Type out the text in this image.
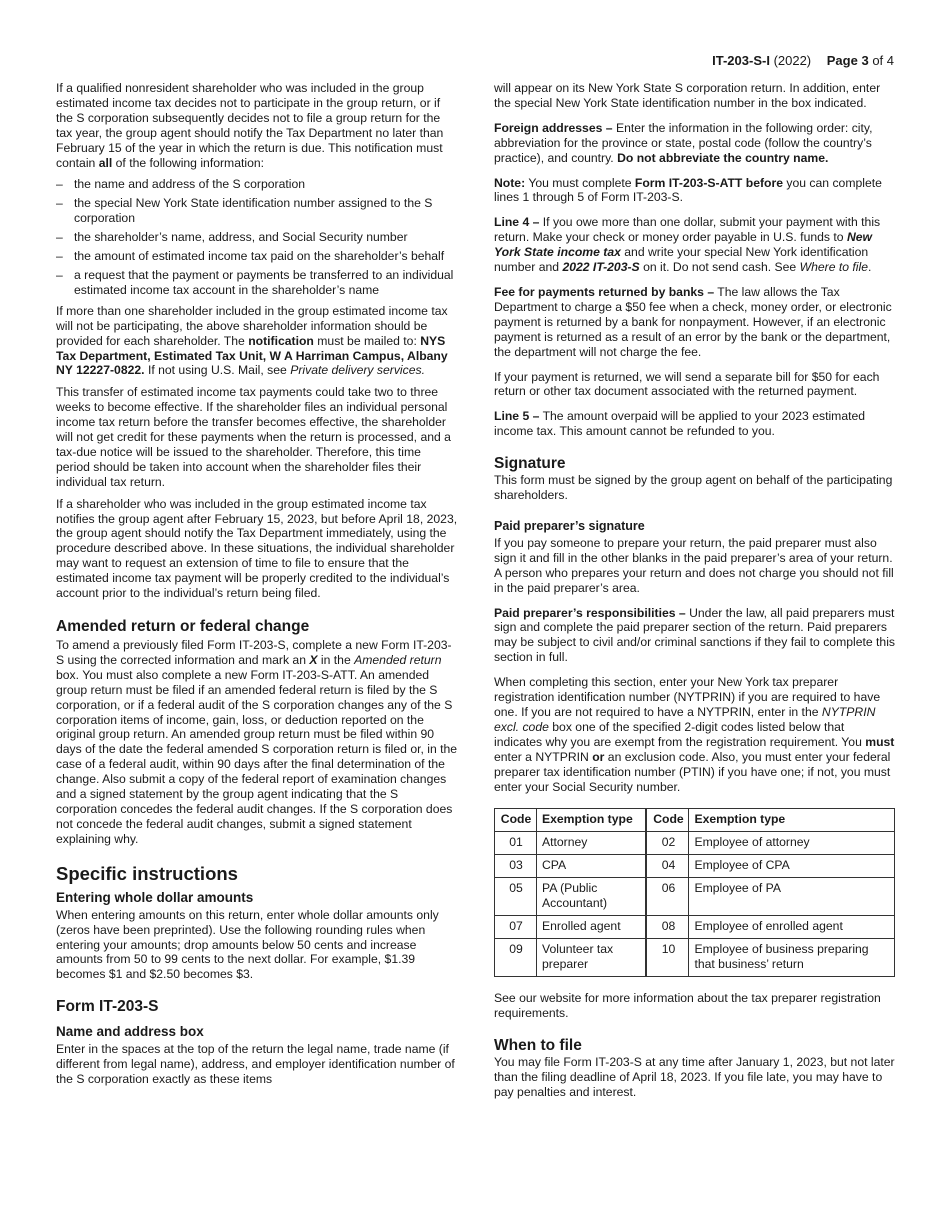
IT-203-S-I (2022) Page 3 of 4

If a qualified nonresident shareholder who was included in the group estimated income tax decides not to participate in the group return, or if the S corporation subsequently decides not to file a group return for the tax year, the group agent should notify the Tax Department no later than February 15 of the year in which the return is due. This notification must contain all of the following information:

– the name and address of the S corporation
– the special New York State identification number assigned to the S corporation
– the shareholder’s name, address, and Social Security number
– the amount of estimated income tax paid on the shareholder’s behalf
– a request that the payment or payments be transferred to an individual estimated income tax account in the shareholder’s name

If more than one shareholder included in the group estimated income tax will not be participating, the above shareholder information should be provided for each shareholder. The notification must be mailed to: NYS Tax Department, Estimated Tax Unit, W A Harriman Campus, Albany NY 12227-0822. If not using U.S. Mail, see Private delivery services.

This transfer of estimated income tax payments could take two to three weeks to become effective. If the shareholder files an individual personal income tax return before the transfer becomes effective, the shareholder will not get credit for these payments when the return is processed, and a tax-due notice will be issued to the shareholder. Therefore, this time period should be taken into account when the shareholder files their individual tax return.

If a shareholder who was included in the group estimated income tax notifies the group agent after February 15, 2023, but before April 18, 2023, the group agent should notify the Tax Department immediately, using the procedure described above. In these situations, the individual shareholder may want to request an extension of time to file to ensure that the estimated income tax payment will be properly credited to the individual’s account prior to the individual’s return being filed.

Amended return or federal change

To amend a previously filed Form IT-203-S, complete a new Form IT-203-S using the corrected information and mark an X in the Amended return box. You must also complete a new Form IT-203-S-ATT. An amended group return must be filed if an amended federal return is filed by the S corporation, or if a federal audit of the S corporation changes any of the S corporation items of income, gain, loss, or deduction reported on the original group return. An amended group return must be filed within 90 days of the date the federal amended S corporation return is filed or, in the case of a federal audit, within 90 days after the final determination of the change. Also submit a copy of the federal report of examination changes and a signed statement by the group agent indicating that the S corporation concedes the federal audit changes. If the S corporation does not concede the federal audit changes, submit a signed statement explaining why.

Specific instructions
Entering whole dollar amounts

When entering amounts on this return, enter whole dollar amounts only (zeros have been preprinted). Use the following rounding rules when entering your amounts; drop amounts below 50 cents and increase amounts from 50 to 99 cents to the next dollar. For example, $1.39 becomes $1 and $2.50 becomes $3.

Form IT-203-S
Name and address box

Enter in the spaces at the top of the return the legal name, trade name (if different from legal name), address, and employer identification number of the S corporation exactly as these items

will appear on its New York State S corporation return. In addition, enter the special New York State identification number in the box indicated.

Foreign addresses – Enter the information in the following order: city, abbreviation for the province or state, postal code (follow the country’s practice), and country. Do not abbreviate the country name.

Note: You must complete Form IT-203-S-ATT before you can complete lines 1 through 5 of Form IT-203-S.

Line 4 – If you owe more than one dollar, submit your payment with this return. Make your check or money order payable in U.S. funds to New York State income tax and write your special New York identification number and 2022 IT-203-S on it. Do not send cash. See Where to file.

Fee for payments returned by banks – The law allows the Tax Department to charge a $50 fee when a check, money order, or electronic payment is returned by a bank for nonpayment. However, if an electronic payment is returned as a result of an error by the bank or the department, the department will not charge the fee.

If your payment is returned, we will send a separate bill for $50 for each return or other tax document associated with the returned payment.

Line 5 – The amount overpaid will be applied to your 2023 estimated income tax. This amount cannot be refunded to you.

Signature

This form must be signed by the group agent on behalf of the participating shareholders.

Paid preparer’s signature

If you pay someone to prepare your return, the paid preparer must also sign it and fill in the other blanks in the paid preparer’s area of your return. A person who prepares your return and does not charge you should not fill in the paid preparer’s area.

Paid preparer’s responsibilities – Under the law, all paid preparers must sign and complete the paid preparer section of the return. Paid preparers may be subject to civil and/or criminal sanctions if they fail to complete this section in full.

When completing this section, enter your New York tax preparer registration identification number (NYTPRIN) if you are required to have one. If you are not required to have a NYTPRIN, enter in the NYTPRIN excl. code box one of the specified 2-digit codes listed below that indicates why you are exempt from the registration requirement. You must enter a NYTPRIN or an exclusion code. Also, you must enter your federal preparer tax identification number (PTIN) if you have one; if not, you must enter your Social Security number.

Code	Exemption type	Code	Exemption type
01	Attorney	02	Employee of attorney
03	CPA	04	Employee of CPA
05	PA (Public Accountant)	06	Employee of PA
07	Enrolled agent	08	Employee of enrolled agent
09	Volunteer tax preparer	10	Employee of business preparing that business’ return

See our website for more information about the tax preparer registration requirements.

When to file

You may file Form IT-203-S at any time after January 1, 2023, but not later than the filing deadline of April 18, 2023. If you file late, you may have to pay penalties and interest.
